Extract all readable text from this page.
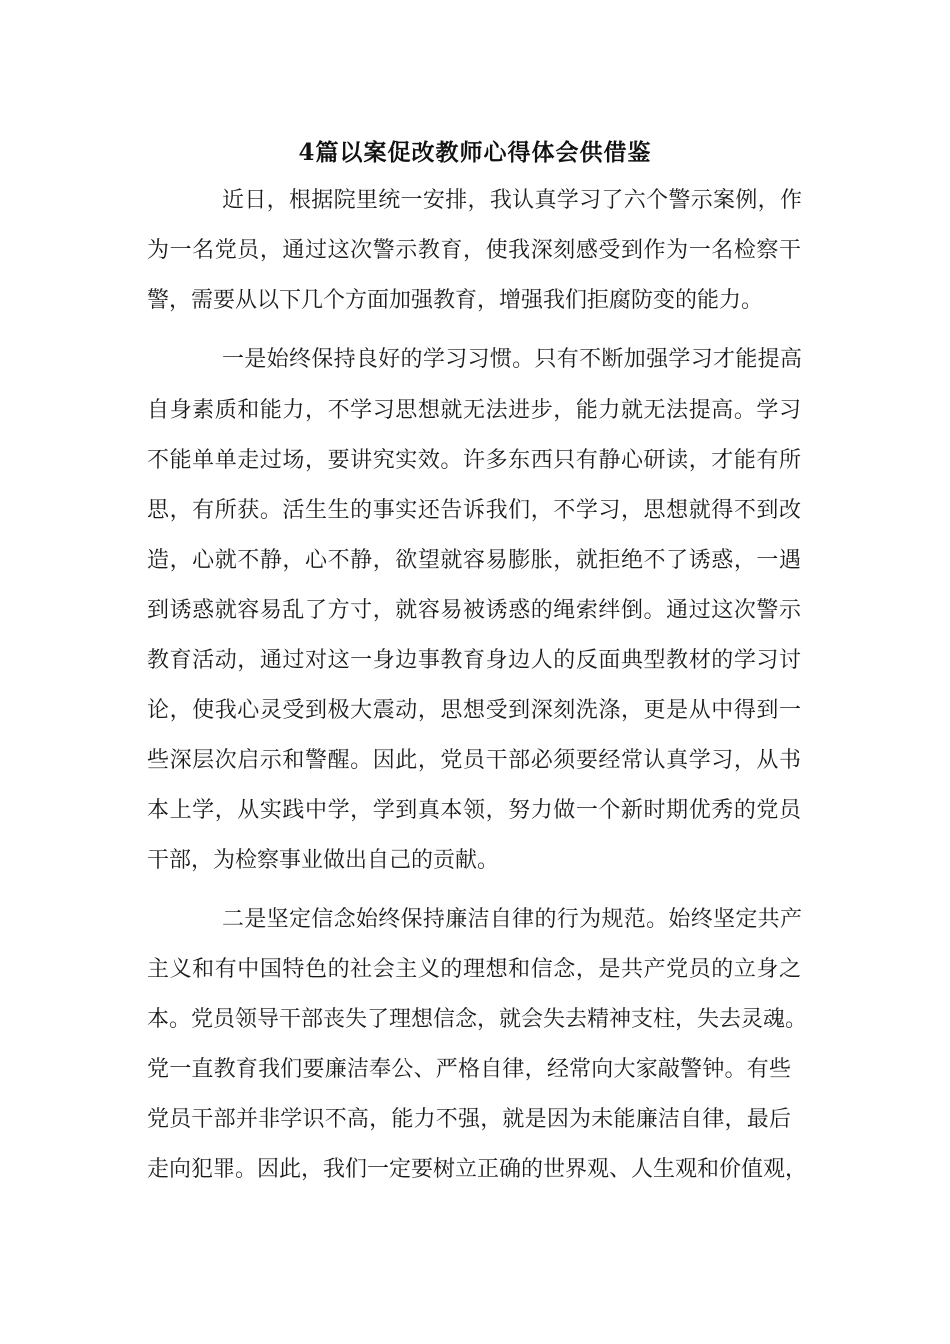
4篇以案促改教师心得体会供借鉴
近日，根据院里统一安排，我认真学习了六个警示案例，作
为一名党员，通过这次警示教育，使我深刻感受到作为一名检察干
警，需要从以下几个方面加强教育，增强我们拒腐防变的能力。
一是始终保持良好的学习习惯。只有不断加强学习才能提高
自身素质和能力，不学习思想就无法进步，能力就无法提高。学习
不能单单走过场，要讲究实效。许多东西只有静心研读，才能有所
思，有所获。活生生的事实还告诉我们，不学习，思想就得不到改
造，心就不静，心不静，欲望就容易膨胀，就拒绝不了诱惑，一遇
到诱惑就容易乱了方寸，就容易被诱惑的绳索绊倒。通过这次警示
教育活动，通过对这一身边事教育身边人的反面典型教材的学习讨
论，使我心灵受到极大震动，思想受到深刻洗涤，更是从中得到一
些深层次启示和警醒。因此，党员干部必须要经常认真学习，从书
本上学，从实践中学，学到真本领，努力做一个新时期优秀的党员
干部，为检察事业做出自己的贡献。
二是坚定信念始终保持廉洁自律的行为规范。始终坚定共产
主义和有中国特色的社会主义的理想和信念，是共产党员的立身之
本。党员领导干部丧失了理想信念，就会失去精神支柱，失去灵魂。
党一直教育我们要廉洁奉公、严格自律，经常向大家敲警钟。有些
党员干部并非学识不高，能力不强，就是因为未能廉洁自律，最后
走向犯罪。因此，我们一定要树立正确的世界观、人生观和价值观，
